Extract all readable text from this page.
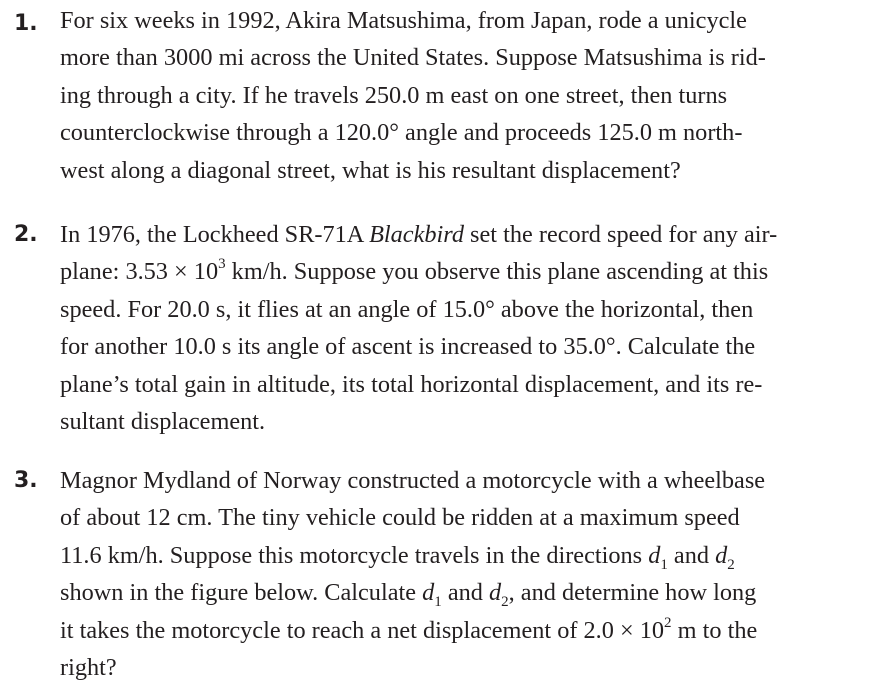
1. For six weeks in 1992, Akira Matsushima, from Japan, rode a unicycle
more than 3000 mi across the United States. Suppose Matsushima is rid-
ing through a city. If he travels 250.0 m east on one street, then turns
counterclockwise through a 120.0° angle and proceeds 125.0 m north-
west along a diagonal street, what is his resultant displacement?

2. In 1976, the Lockheed SR-71A Blackbird set the record speed for any air-
plane: $3.53 \times 10^3$ km/h. Suppose you observe this plane ascending at this
speed. For 20.0 s, it flies at an angle of 15.0° above the horizontal, then
for another 10.0 s its angle of ascent is increased to 35.0°. Calculate the
plane’s total gain in altitude, its total horizontal displacement, and its re-
sultant displacement.

3. Magnor Mydland of Norway constructed a motorcycle with a wheelbase
of about 12 cm. The tiny vehicle could be ridden at a maximum speed
11.6 km/h. Suppose this motorcycle travels in the directions $d_1$ and $d_2$
shown in the figure below. Calculate $d_1$ and $d_2$, and determine how long
it takes the motorcycle to reach a net displacement of $2.0 \times 10^2$ m to the
right?
